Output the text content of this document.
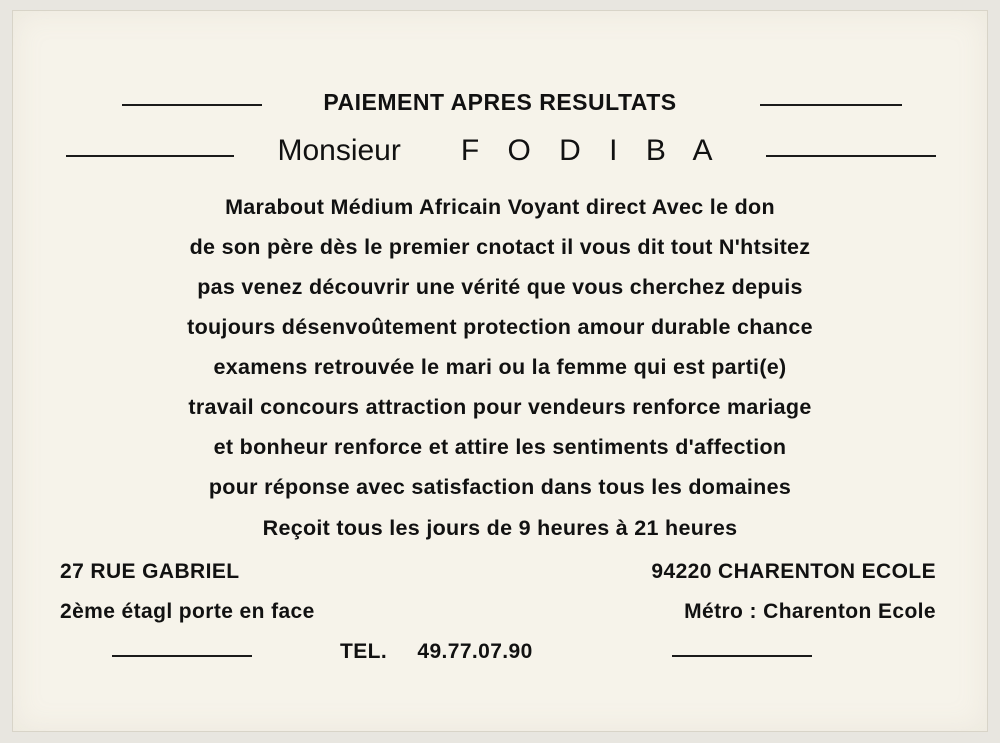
PAIEMENT APRES RESULTATS
Monsieur F O D I B A
Marabout Médium Africain Voyant direct Avec le don
de son père dès le premier cnotact il vous dit tout N'htsitez
pas venez découvrir une vérité que vous cherchez depuis
toujours désenvoûtement protection amour durable chance
examens retrouvée le mari ou la femme qui est parti(e)
travail concours attraction pour vendeurs renforce mariage
et bonheur renforce et attire les sentiments d'affection
pour réponse avec satisfaction dans tous les domaines
Reçoit tous les jours de 9 heures à 21 heures
27 RUE GABRIEL	94220 CHARENTON ECOLE
2ème étagl porte en face	Métro : Charenton Ecole
TEL. 49.77.07.90
